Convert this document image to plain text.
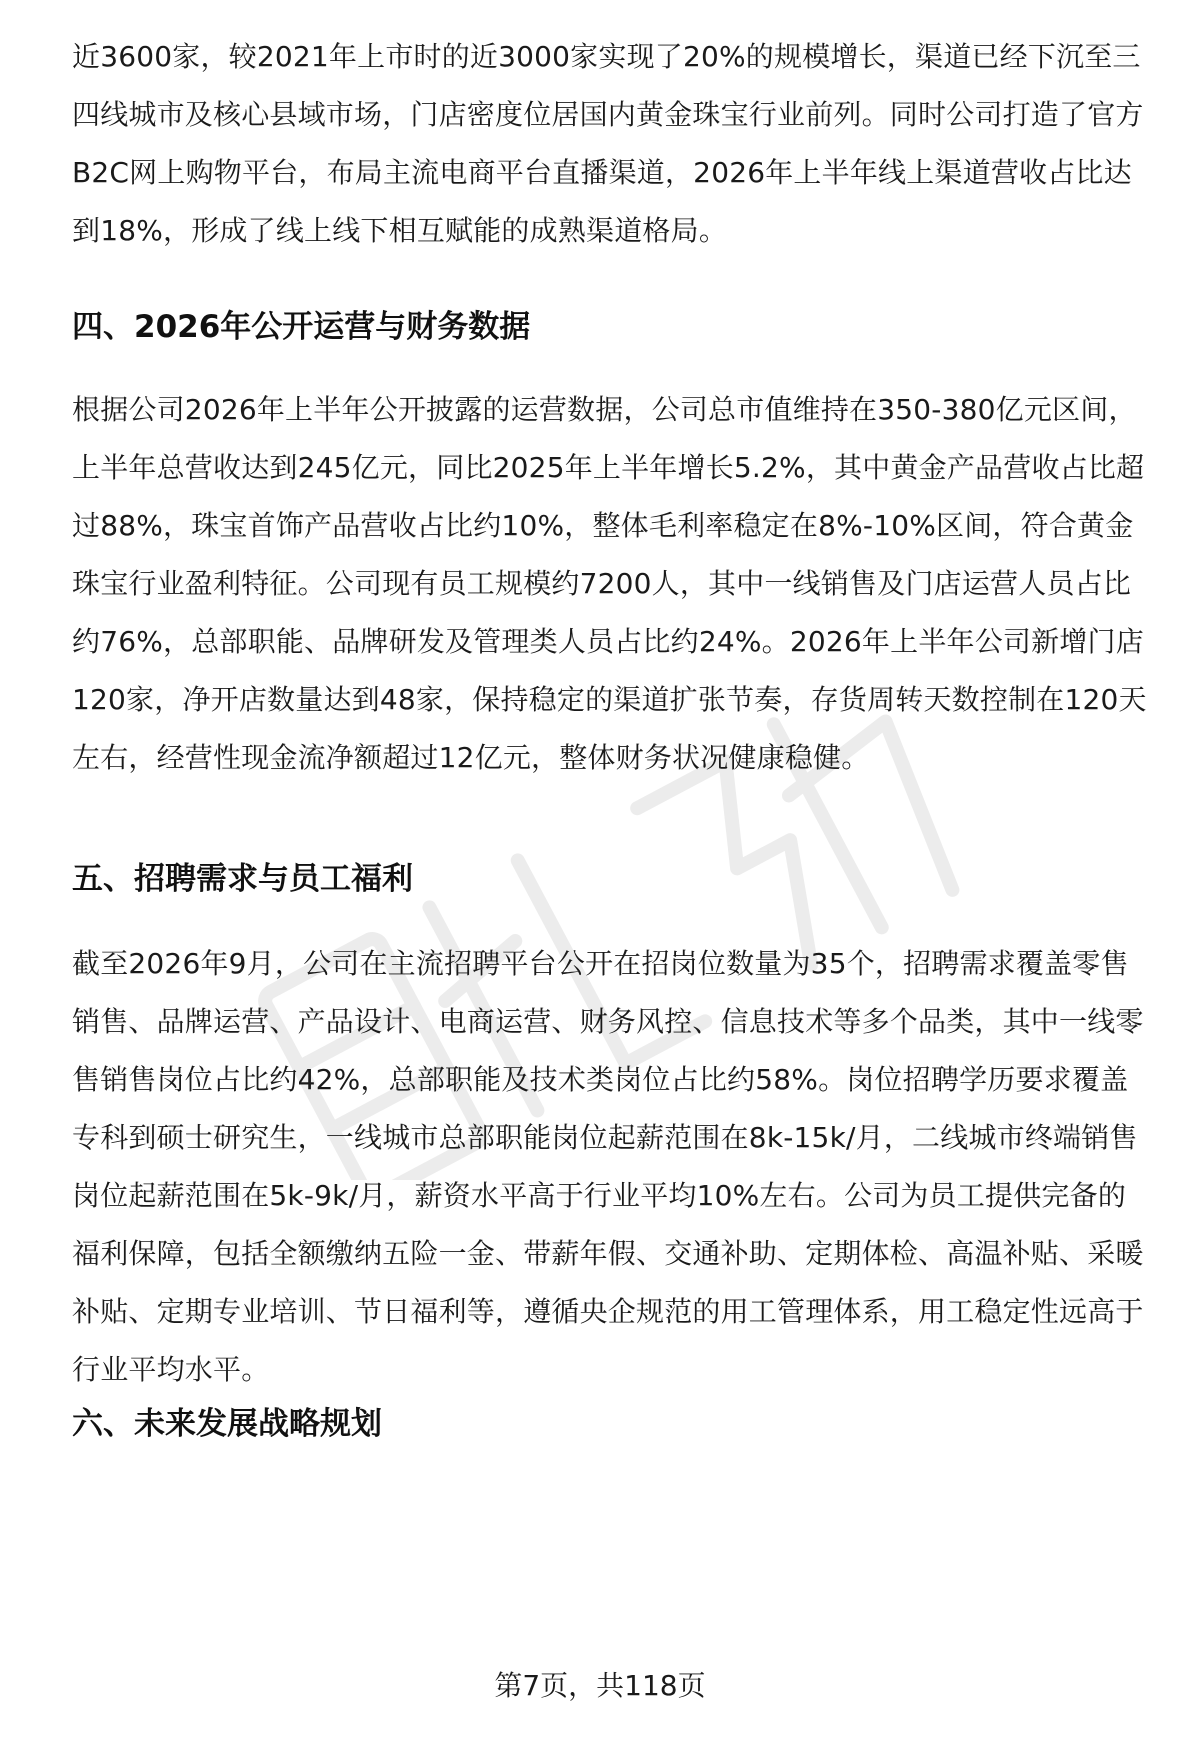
近3600家，较2021年上市时的近3000家实现了20%的规模增长，渠道已经下沉至三四线城市及核心县域市场，门店密度位居国内黄金珠宝行业前列。同时公司打造了官方B2C网上购物平台，布局主流电商平台直播渠道，2026年上半年线上渠道营收占比达到18%，形成了线上线下相互赋能的成熟渠道格局。

四、2026年公开运营与财务数据

根据公司2026年上半年公开披露的运营数据，公司总市值维持在350-380亿元区间，上半年总营收达到245亿元，同比2025年上半年增长5.2%，其中黄金产品营收占比超过88%，珠宝首饰产品营收占比约10%，整体毛利率稳定在8%-10%区间，符合黄金珠宝行业盈利特征。公司现有员工规模约7200人，其中一线销售及门店运营人员占比约76%，总部职能、品牌研发及管理类人员占比约24%。2026年上半年公司新增门店120家，净开店数量达到48家，保持稳定的渠道扩张节奏，存货周转天数控制在120天左右，经营性现金流净额超过12亿元，整体财务状况健康稳健。

五、招聘需求与员工福利

截至2026年9月，公司在主流招聘平台公开在招岗位数量为35个，招聘需求覆盖零售销售、品牌运营、产品设计、电商运营、财务风控、信息技术等多个品类，其中一线零售销售岗位占比约42%，总部职能及技术类岗位占比约58%。岗位招聘学历要求覆盖专科到硕士研究生，一线城市总部职能岗位起薪范围在8k-15k/月，二线城市终端销售岗位起薪范围在5k-9k/月，薪资水平高于行业平均10%左右。公司为员工提供完备的福利保障，包括全额缴纳五险一金、带薪年假、交通补助、定期体检、高温补贴、采暖补贴、定期专业培训、节日福利等，遵循央企规范的用工管理体系，用工稳定性远高于行业平均水平。

六、未来发展战略规划
第7页，共118页
